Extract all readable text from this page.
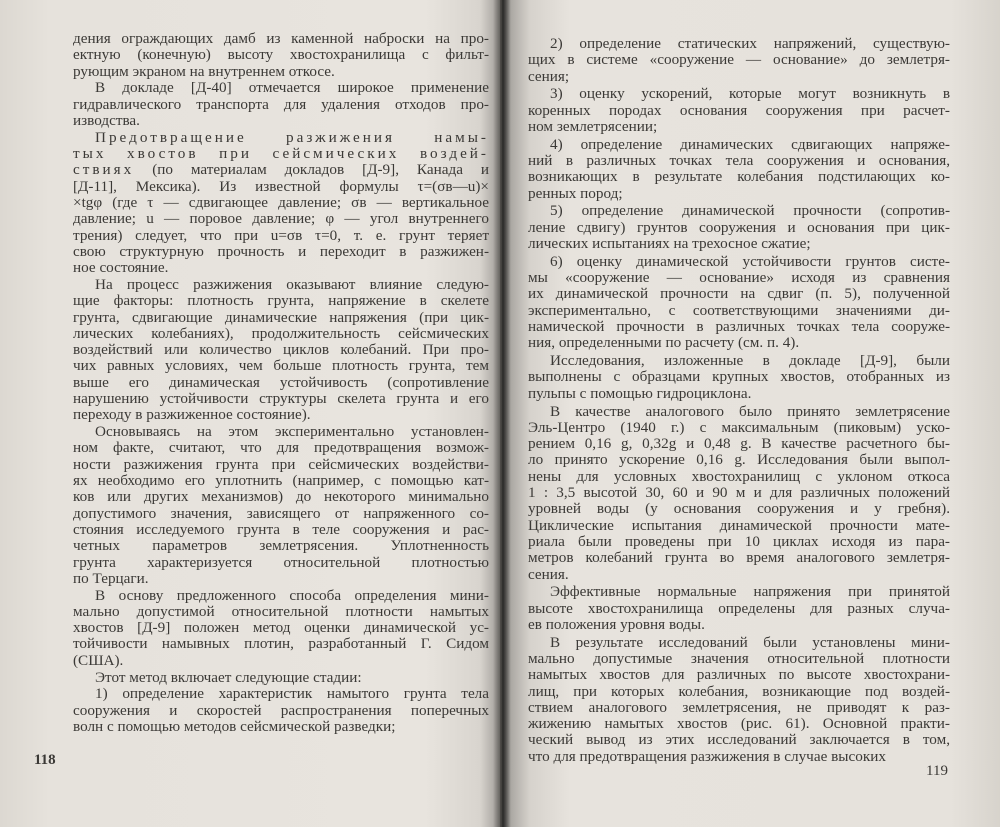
дения ограждающих дамб из каменной наброски на про-
ектную (конечную) высоту хвостохранилища с фильт-
рующим экраном на внутреннем откосе.
В докладе [Д-40] отмечается широкое применение
гидравлического транспорта для удаления отходов про-
изводства.
Предотвращение разжижения намы-
тых хвостов при сейсмических воздей-
ствиях (по материалам докладов [Д-9], Канада и
[Д-11], Мексика). Из известной формулы τ=(σв—u)×
×tgφ (где τ — сдвигающее давление; σв — вертикальное
давление; u — поровое давление; φ — угол внутреннего
трения) следует, что при u=σв τ=0, т. е. грунт теряет
свою структурную прочность и переходит в разжижен-
ное состояние.
На процесс разжижения оказывают влияние следую-
щие факторы: плотность грунта, напряжение в скелете
грунта, сдвигающие динамические напряжения (при цик-
лических колебаниях), продолжительность сейсмических
воздействий или количество циклов колебаний. При про-
чих равных условиях, чем больше плотность грунта, тем
выше его динамическая устойчивость (сопротивление
нарушению устойчивости структуры скелета грунта и его
переходу в разжиженное состояние).
Основываясь на этом экспериментально установлен-
ном факте, считают, что для предотвращения возмож-
ности разжижения грунта при сейсмических воздействи-
ях необходимо его уплотнить (например, с помощью кат-
ков или других механизмов) до некоторого минимально
допустимого значения, зависящего от напряженного со-
стояния исследуемого грунта в теле сооружения и рас-
четных параметров землетрясения. Уплотненность
грунта характеризуется относительной плотностью
по Терцаги.
В основу предложенного способа определения мини-
мально допустимой относительной плотности намытых
хвостов [Д-9] положен метод оценки динамической ус-
тойчивости намывных плотин, разработанный Г. Сидом
(США).
Этот метод включает следующие стадии:
1) определение характеристик намытого грунта тела
сооружения и скоростей распространения поперечных
волн с помощью методов сейсмической разведки;
2) определение статических напряжений, существую-
щих в системе «сооружение — основание» до землетря-
сения;
3) оценку ускорений, которые могут возникнуть в
коренных породах основания сооружения при расчет-
ном землетрясении;
4) определение динамических сдвигающих напряже-
ний в различных точках тела сооружения и основания,
возникающих в результате колебания подстилающих ко-
ренных пород;
5) определение динамической прочности (сопротив-
ление сдвигу) грунтов сооружения и основания при цик-
лических испытаниях на трехосное сжатие;
6) оценку динамической устойчивости грунтов систе-
мы «сооружение — основание» исходя из сравнения
их динамической прочности на сдвиг (п. 5), полученной
экспериментально, с соответствующими значениями ди-
намической прочности в различных точках тела сооруже-
ния, определенными по расчету (см. п. 4).
Исследования, изложенные в докладе [Д-9], были
выполнены с образцами крупных хвостов, отобранных из
пульпы с помощью гидроциклона.
В качестве аналогового было принято землетрясение
Эль-Центро (1940 г.) с максимальным (пиковым) уско-
рением 0,16 g, 0,32g и 0,48 g. В качестве расчетного бы-
ло принято ускорение 0,16 g. Исследования были выпол-
нены для условных хвостохранилищ с уклоном откоса
1 : 3,5 высотой 30, 60 и 90 м и для различных положений
уровней воды (у основания сооружения и у гребня).
Циклические испытания динамической прочности мате-
риала были проведены при 10 циклах исходя из пара-
метров колебаний грунта во время аналогового землетря-
сения.
Эффективные нормальные напряжения при принятой
высоте хвостохранилища определены для разных случа-
ев положения уровня воды.
В результате исследований были установлены мини-
мально допустимые значения относительной плотности
намытых хвостов для различных по высоте хвостохрани-
лищ, при которых колебания, возникающие под воздей-
ствием аналогового землетрясения, не приводят к раз-
жижению намытых хвостов (рис. 61). Основной практи-
ческий вывод из этих исследований заключается в том,
что для предотвращения разжижения в случае высоких
118
119
